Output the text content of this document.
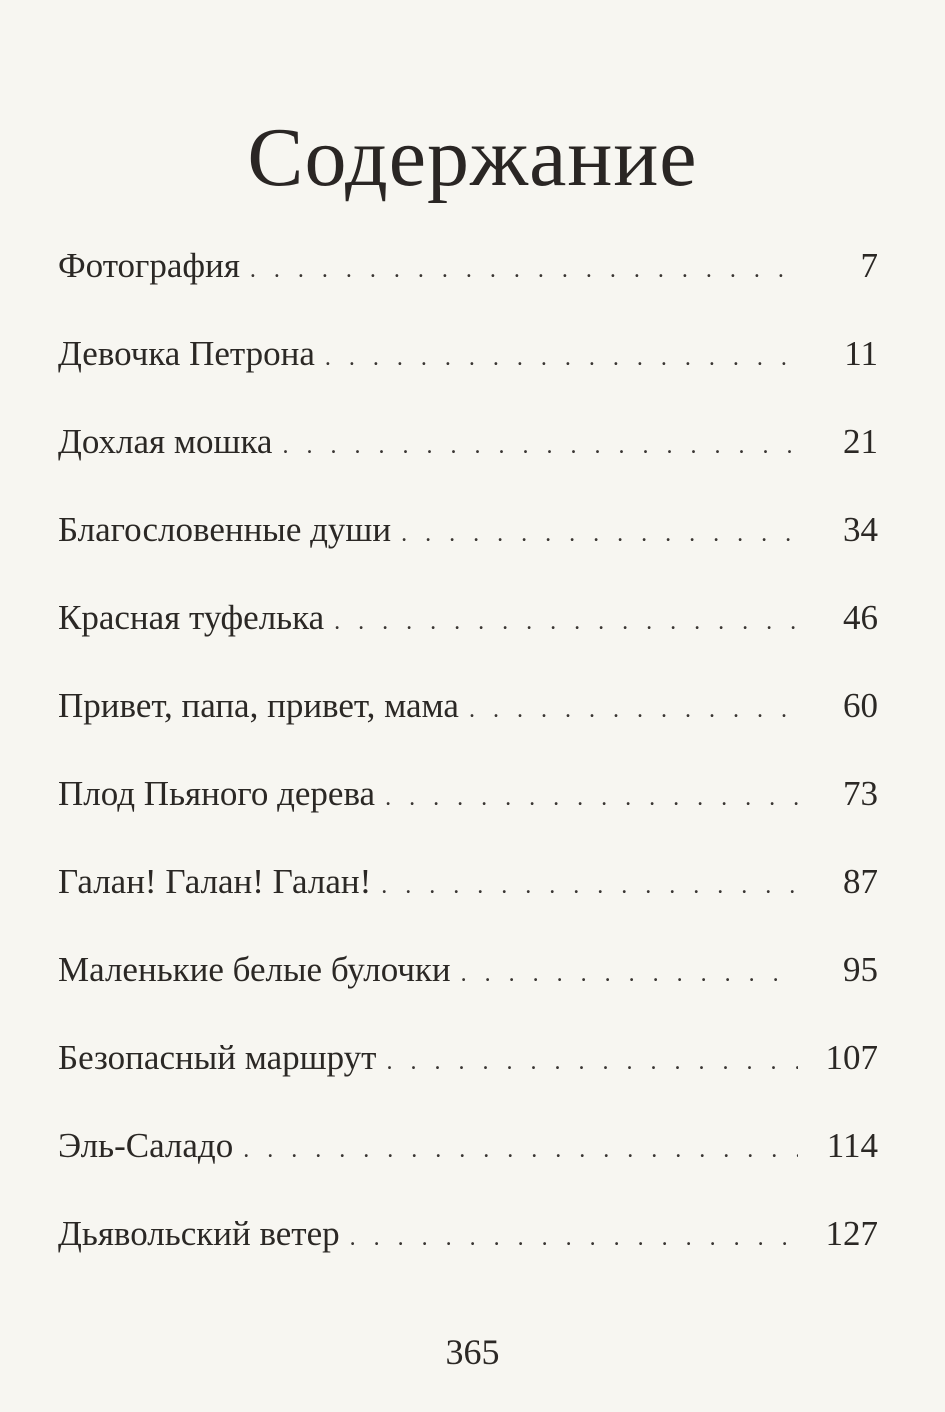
Содержание
Фотография . . .	7
Девочка Петрона . . .	11
Дохлая мошка . . .	21
Благословенные души . . .	34
Красная туфелька . . .	46
Привет, папа, привет, мама . . .	60
Плод Пьяного дерева . . .	73
Галан! Галан! Галан! . . .	87
Маленькие белые булочки . . .	95
Безопасный маршрут . . .	107
Эль-Саладо . . .	114
Дьявольский ветер . . .	127
365
